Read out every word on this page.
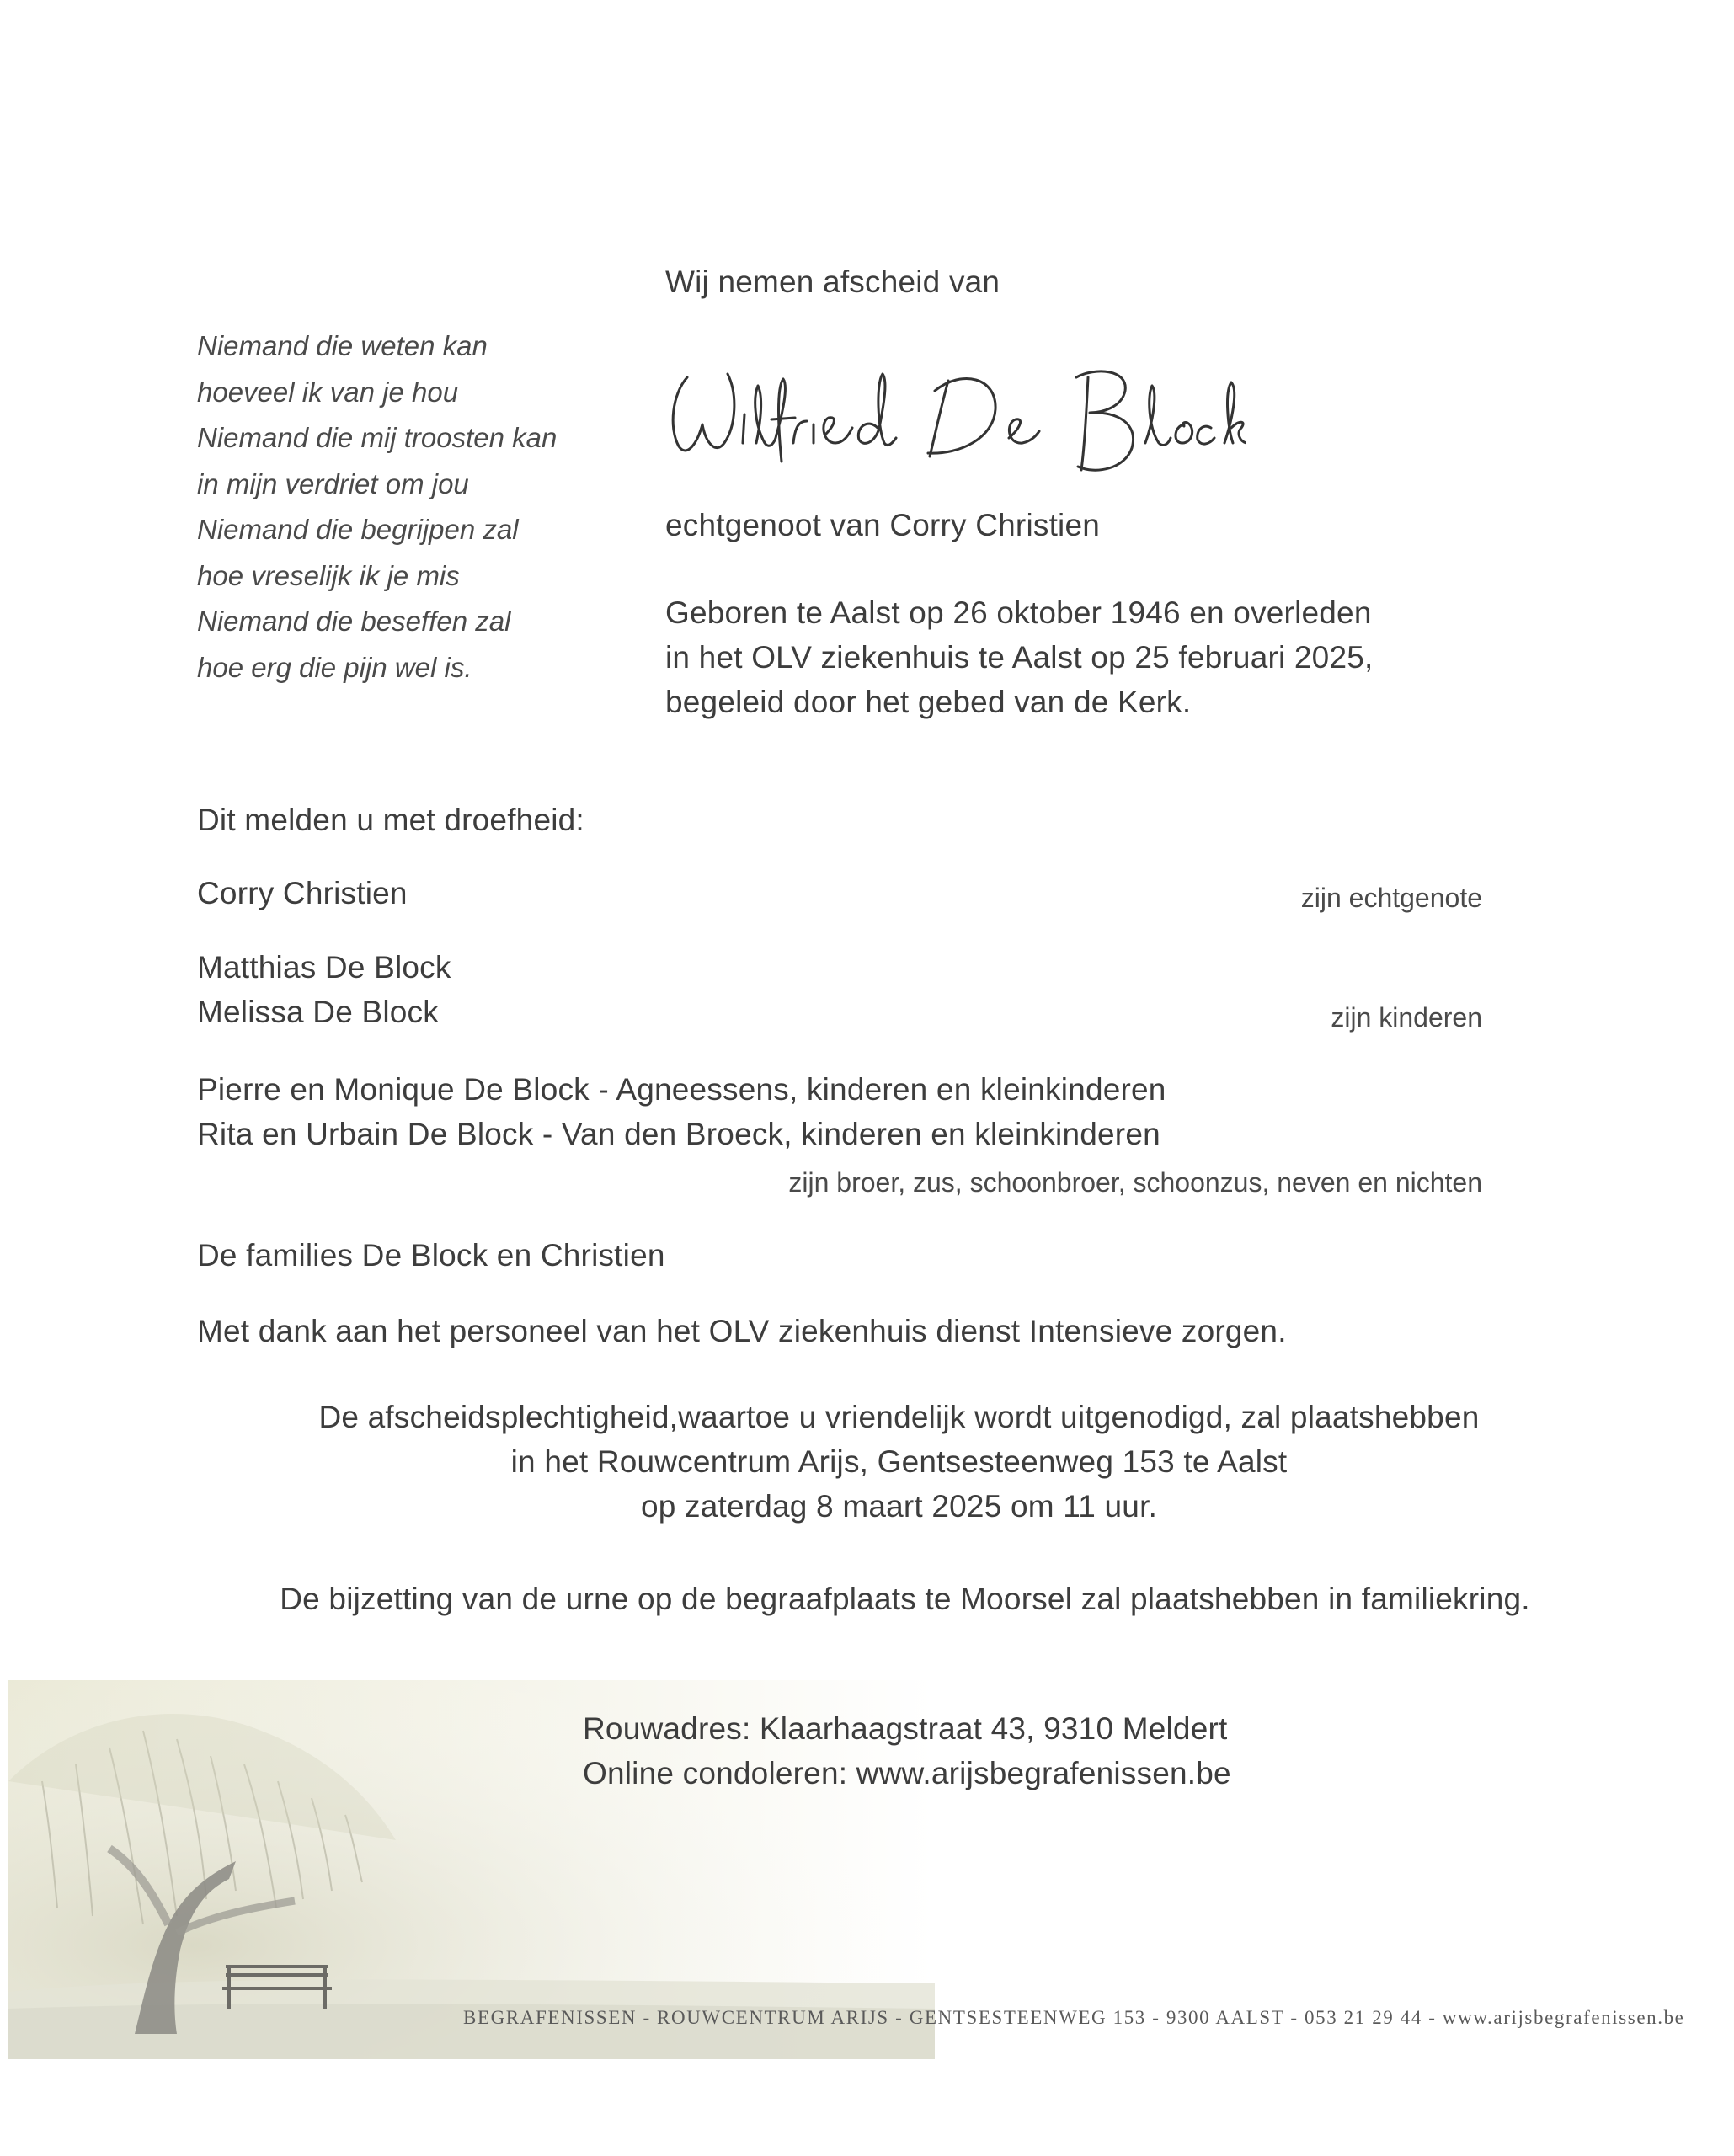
Wij nemen afscheid van
Niemand die weten kan
hoeveel ik van je hou
Niemand die mij troosten kan
in mijn verdriet om jou
Niemand die begrijpen zal
hoe vreselijk ik je mis
Niemand die beseffen zal
hoe erg die pijn wel is.
echtgenoot van Corry Christien
Geboren te Aalst op 26 oktober 1946 en overleden
in het OLV ziekenhuis te Aalst op 25 februari 2025,
begeleid door het gebed van de Kerk.
Dit melden u met droefheid:
Corry Christien	zijn echtgenote
Matthias De Block
Melissa De Block	zijn kinderen
Pierre en Monique De Block - Agneessens, kinderen en kleinkinderen
Rita en Urbain De Block - Van den Broeck, kinderen en kleinkinderen
zijn broer, zus, schoonbroer, schoonzus, neven en nichten
De families De Block en Christien
Met dank aan het personeel van het OLV ziekenhuis dienst Intensieve zorgen.
De afscheidsplechtigheid,waartoe u vriendelijk wordt uitgenodigd, zal plaatshebben
in het Rouwcentrum Arijs, Gentsesteenweg 153 te Aalst
op zaterdag 8 maart 2025 om 11 uur.
De bijzetting van de urne op de begraafplaats te Moorsel zal plaatshebben in familiekring.
Rouwadres: Klaarhaagstraat 43, 9310 Meldert
Online condoleren: www.arijsbegrafenissen.be
BEGRAFENISSEN - ROUWCENTRUM ARIJS - GENTSESTEENWEG 153 - 9300 AALST - 053 21 29 44 - www.arijsbegrafenissen.be
